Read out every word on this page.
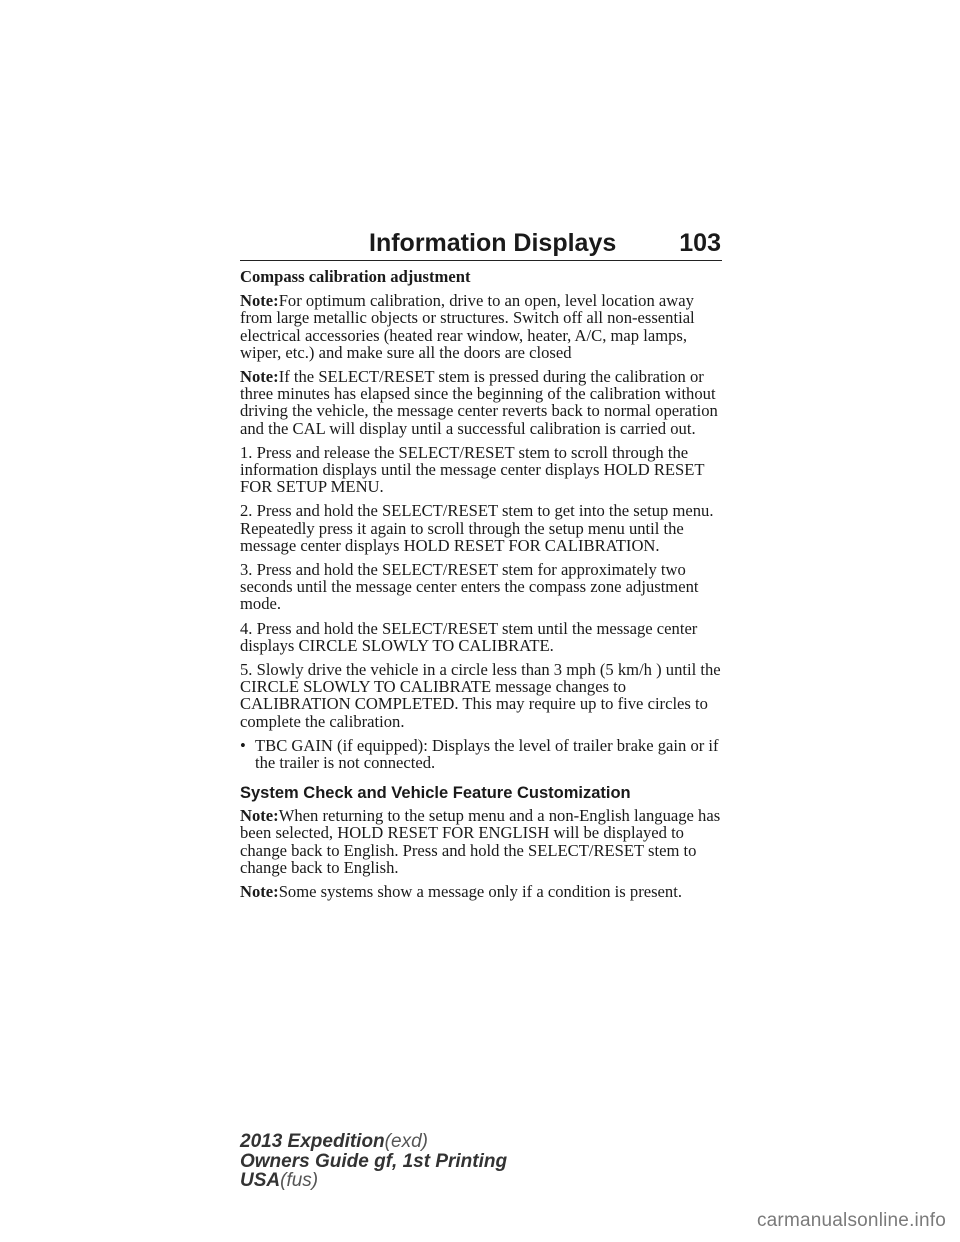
Information Displays	103

Compass calibration adjustment

Note:For optimum calibration, drive to an open, level location away from large metallic objects or structures. Switch off all non-essential electrical accessories (heated rear window, heater, A/C, map lamps, wiper, etc.) and make sure all the doors are closed

Note:If the SELECT/RESET stem is pressed during the calibration or three minutes has elapsed since the beginning of the calibration without driving the vehicle, the message center reverts back to normal operation and the CAL will display until a successful calibration is carried out.

1. Press and release the SELECT/RESET stem to scroll through the information displays until the message center displays HOLD RESET FOR SETUP MENU.

2. Press and hold the SELECT/RESET stem to get into the setup menu. Repeatedly press it again to scroll through the setup menu until the message center displays HOLD RESET FOR CALIBRATION.

3. Press and hold the SELECT/RESET stem for approximately two seconds until the message center enters the compass zone adjustment mode.

4. Press and hold the SELECT/RESET stem until the message center displays CIRCLE SLOWLY TO CALIBRATE.

5. Slowly drive the vehicle in a circle less than 3 mph (5 km/h ) until the CIRCLE SLOWLY TO CALIBRATE message changes to CALIBRATION COMPLETED. This may require up to five circles to complete the calibration.

• TBC GAIN (if equipped): Displays the level of trailer brake gain or if the trailer is not connected.
System Check and Vehicle Feature Customization

Note:When returning to the setup menu and a non-English language has been selected, HOLD RESET FOR ENGLISH will be displayed to change back to English. Press and hold the SELECT/RESET stem to change back to English.

Note:Some systems show a message only if a condition is present.

2013 Expedition(exd)
Owners Guide gf, 1st Printing
USA(fus)
carmanualsonline.info
